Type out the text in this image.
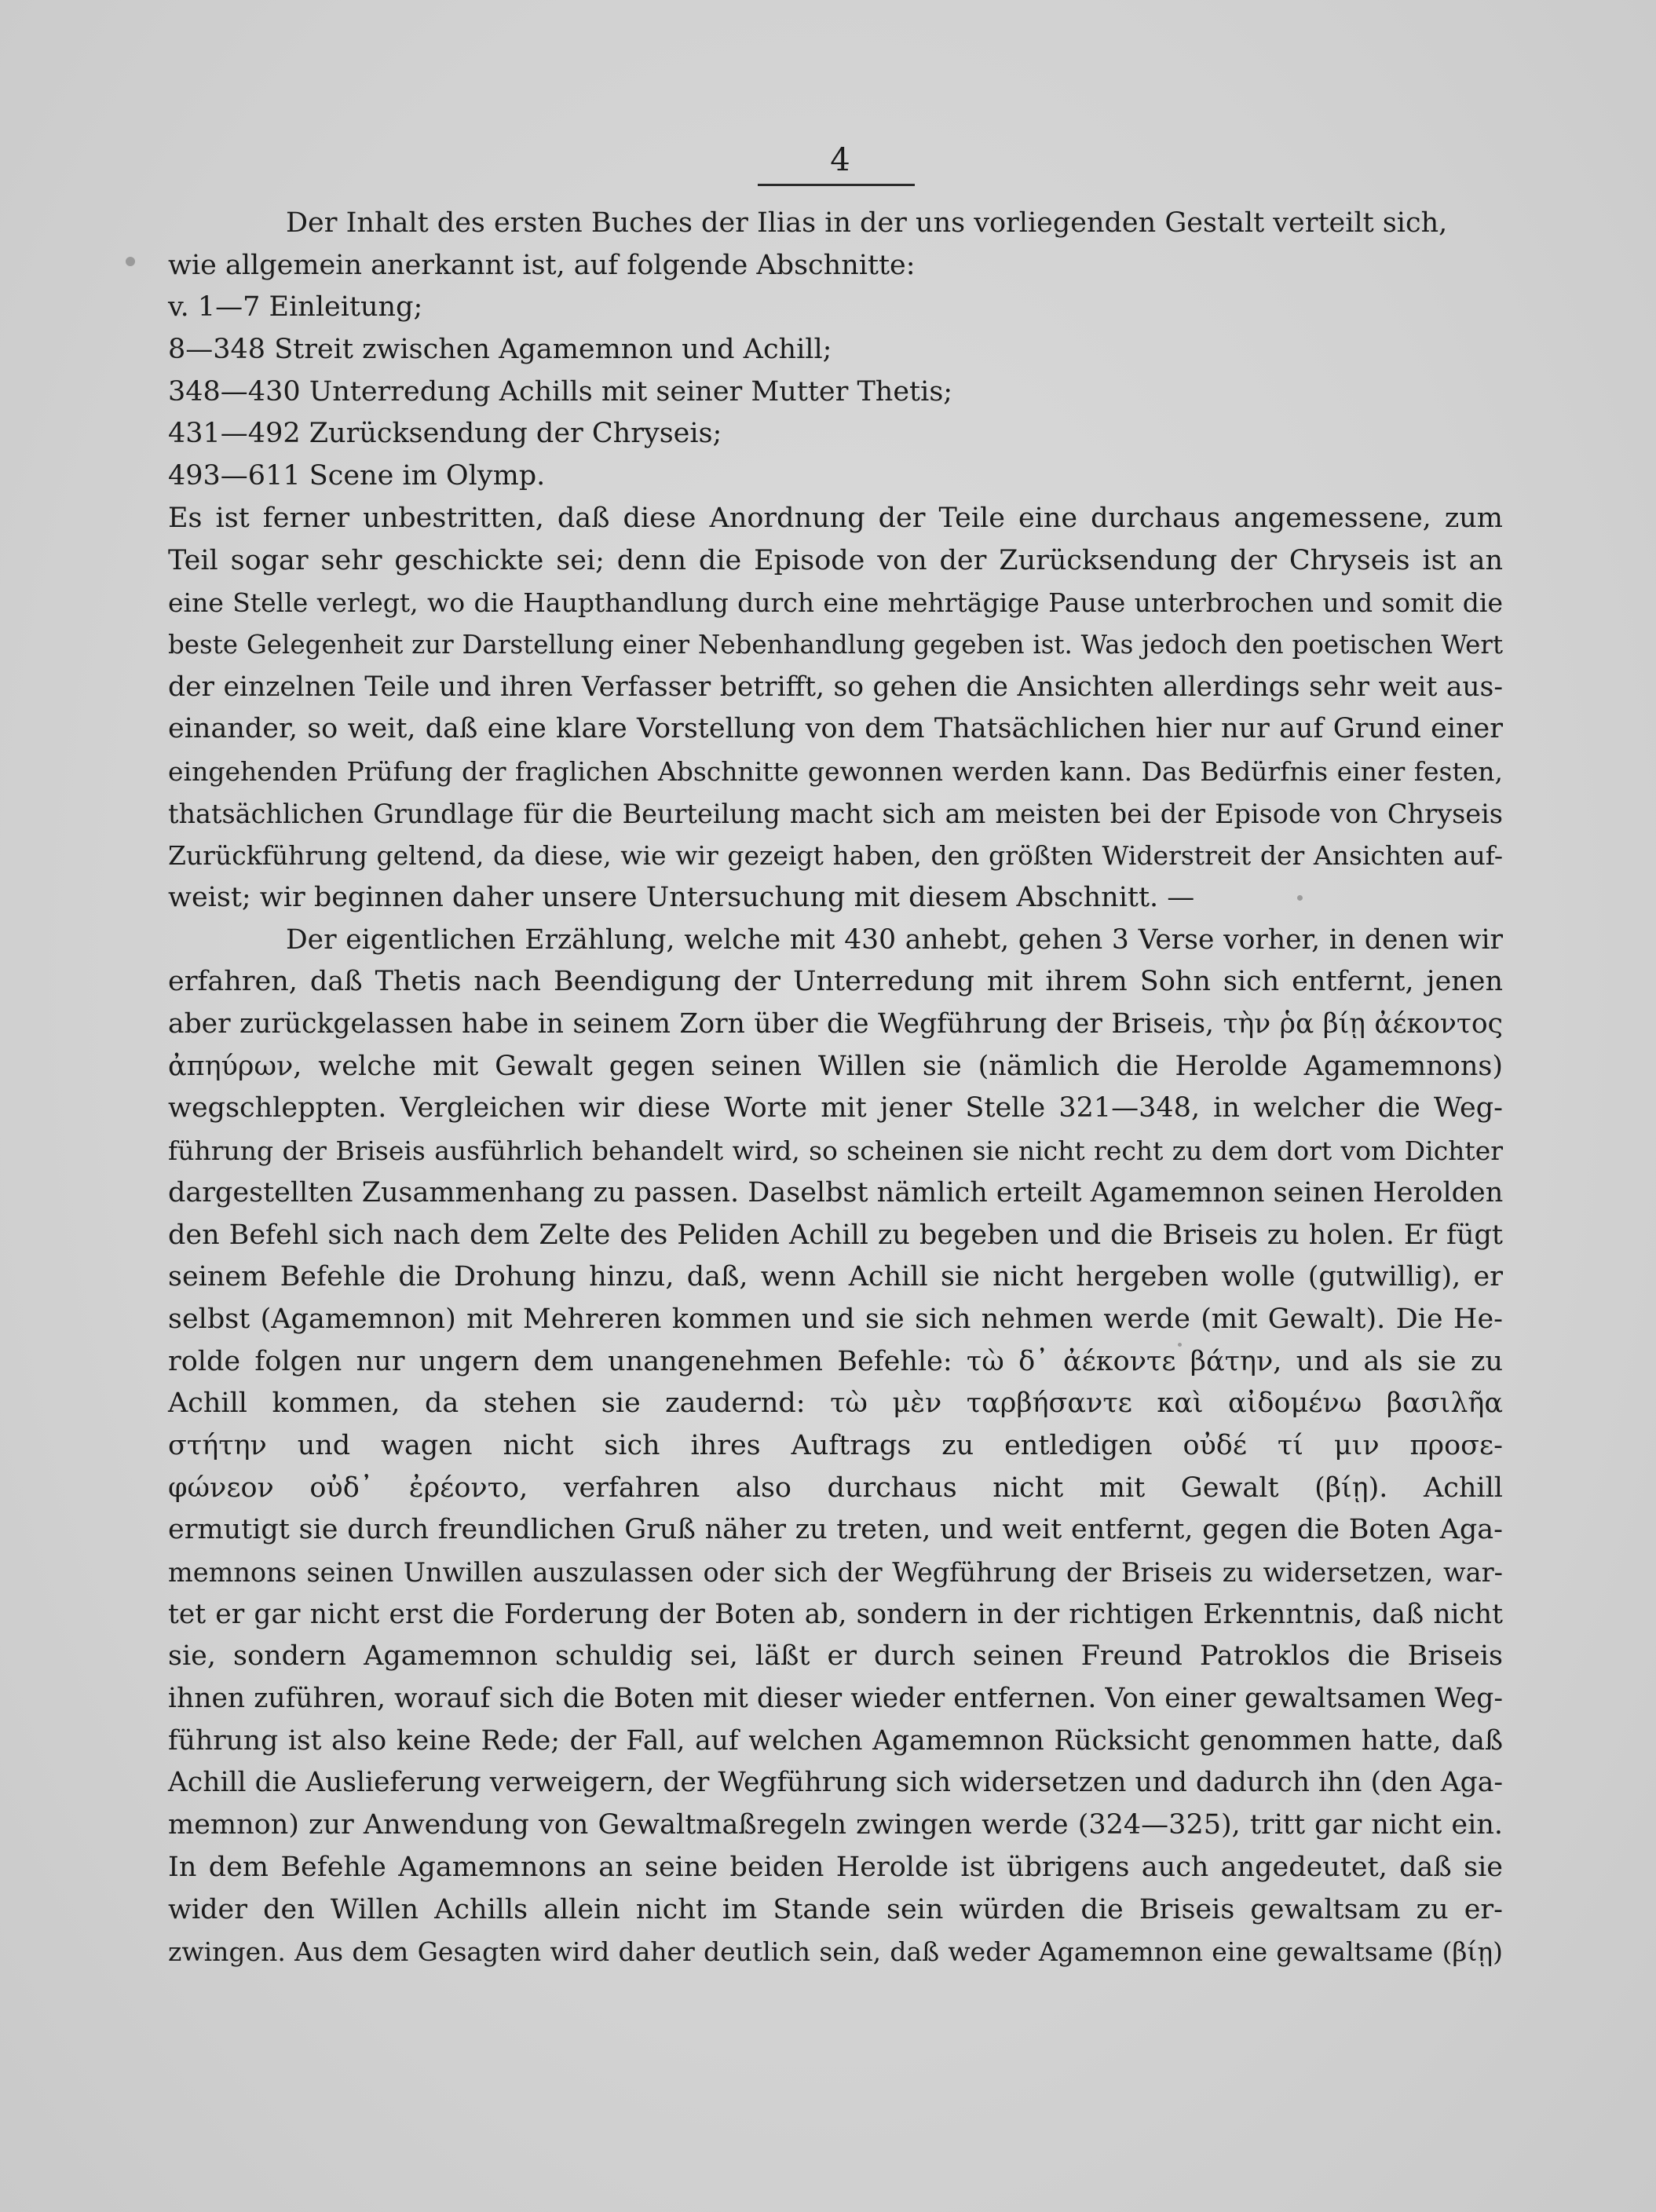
4
Der Inhalt des ersten Buches der Ilias in der uns vorliegenden Gestalt verteilt sich,
wie allgemein anerkannt ist, auf folgende Abschnitte:
v. 1—7 Einleitung;
8—348 Streit zwischen Agamemnon und Achill;
348—430 Unterredung Achills mit seiner Mutter Thetis;
431—492 Zurücksendung der Chryseis;
493—611 Scene im Olymp.
Es ist ferner unbestritten, daß diese Anordnung der Teile eine durchaus angemessene, zum
Teil sogar sehr geschickte sei; denn die Episode von der Zurücksendung der Chryseis ist an
eine Stelle verlegt, wo die Haupthandlung durch eine mehrtägige Pause unterbrochen und somit die
beste Gelegenheit zur Darstellung einer Nebenhandlung gegeben ist. Was jedoch den poetischen Wert
der einzelnen Teile und ihren Verfasser betrifft, so gehen die Ansichten allerdings sehr weit aus-
einander, so weit, daß eine klare Vorstellung von dem Thatsächlichen hier nur auf Grund einer
eingehenden Prüfung der fraglichen Abschnitte gewonnen werden kann. Das Bedürfnis einer festen,
thatsächlichen Grundlage für die Beurteilung macht sich am meisten bei der Episode von Chryseis
Zurückführung geltend, da diese, wie wir gezeigt haben, den größten Widerstreit der Ansichten auf-
weist; wir beginnen daher unsere Untersuchung mit diesem Abschnitt. —
Der eigentlichen Erzählung, welche mit 430 anhebt, gehen 3 Verse vorher, in denen wir
erfahren, daß Thetis nach Beendigung der Unterredung mit ihrem Sohn sich entfernt, jenen
aber zurückgelassen habe in seinem Zorn über die Wegführung der Briseis, τὴν ῥα βίῃ ἀέκοντος
ἀπηύρων, welche mit Gewalt gegen seinen Willen sie (nämlich die Herolde Agamemnons)
wegschleppten. Vergleichen wir diese Worte mit jener Stelle 321—348, in welcher die Weg-
führung der Briseis ausführlich behandelt wird, so scheinen sie nicht recht zu dem dort vom Dichter
dargestellten Zusammenhang zu passen. Daselbst nämlich erteilt Agamemnon seinen Herolden
den Befehl sich nach dem Zelte des Peliden Achill zu begeben und die Briseis zu holen. Er fügt
seinem Befehle die Drohung hinzu, daß, wenn Achill sie nicht hergeben wolle (gutwillig), er
selbst (Agamemnon) mit Mehreren kommen und sie sich nehmen werde (mit Gewalt). Die He-
rolde folgen nur ungern dem unangenehmen Befehle: τὼ δ᾽ ἀέκοντε βάτην, und als sie zu
Achill kommen, da stehen sie zaudernd: τὼ μὲν ταρβήσαντε καὶ αἰδομένω βασιλῆα
στήτην und wagen nicht sich ihres Auftrags zu entledigen οὐδέ τί μιν προσε-
φώνεον οὐδ᾽ ἐρέοντο, verfahren also durchaus nicht mit Gewalt (βίῃ). Achill
ermutigt sie durch freundlichen Gruß näher zu treten, und weit entfernt, gegen die Boten Aga-
memnons seinen Unwillen auszulassen oder sich der Wegführung der Briseis zu widersetzen, war-
tet er gar nicht erst die Forderung der Boten ab, sondern in der richtigen Erkenntnis, daß nicht
sie, sondern Agamemnon schuldig sei, läßt er durch seinen Freund Patroklos die Briseis
ihnen zuführen, worauf sich die Boten mit dieser wieder entfernen. Von einer gewaltsamen Weg-
führung ist also keine Rede; der Fall, auf welchen Agamemnon Rücksicht genommen hatte, daß
Achill die Auslieferung verweigern, der Wegführung sich widersetzen und dadurch ihn (den Aga-
memnon) zur Anwendung von Gewaltmaßregeln zwingen werde (324—325), tritt gar nicht ein.
In dem Befehle Agamemnons an seine beiden Herolde ist übrigens auch angedeutet, daß sie
wider den Willen Achills allein nicht im Stande sein würden die Briseis gewaltsam zu er-
zwingen. Aus dem Gesagten wird daher deutlich sein, daß weder Agamemnon eine gewaltsame (βίῃ)
